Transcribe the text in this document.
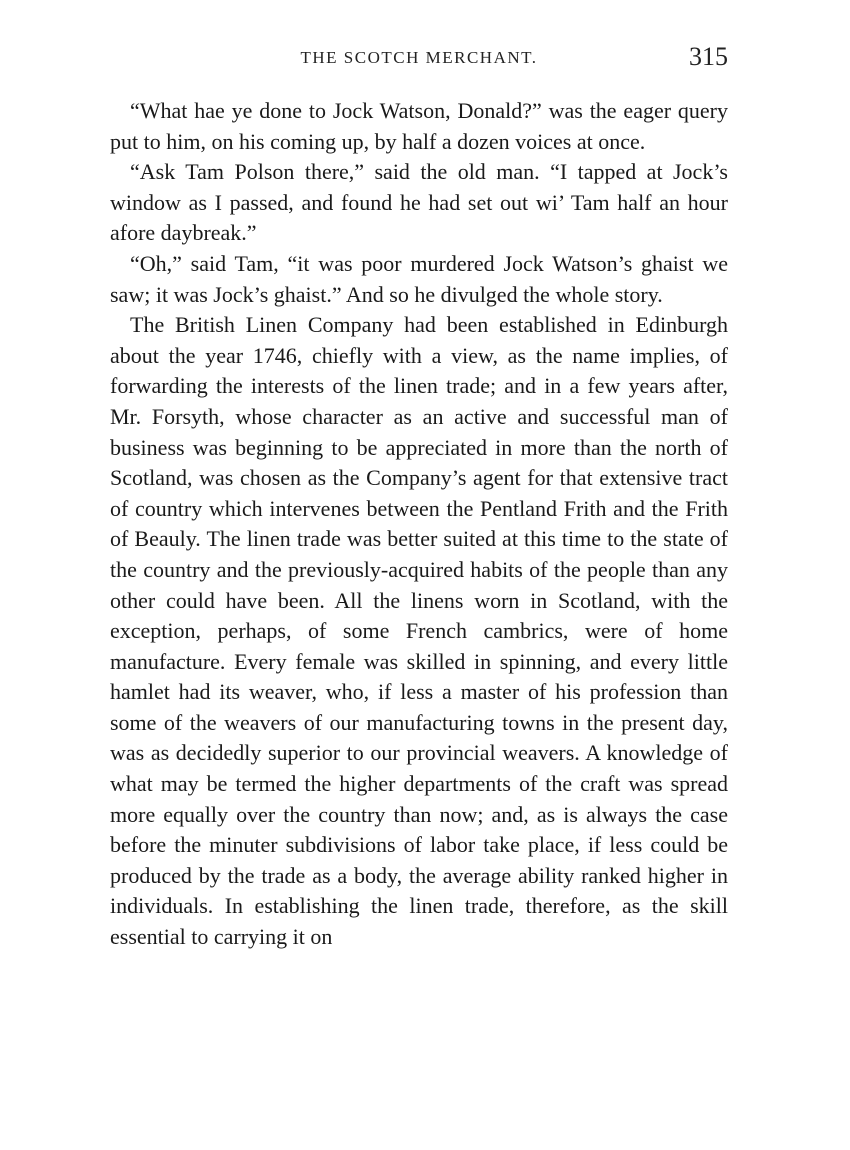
THE SCOTCH MERCHANT.	315

“What hae ye done to Jock Watson, Donald?” was the eager query put to him, on his coming up, by half a dozen voices at once.

“Ask Tam Polson there,” said the old man. “I tapped at Jock’s window as I passed, and found he had set out wi’ Tam half an hour afore daybreak.”

“Oh,” said Tam, “it was poor murdered Jock Watson’s ghaist we saw; it was Jock’s ghaist.” And so he divulged the whole story.

The British Linen Company had been established in Edinburgh about the year 1746, chiefly with a view, as the name implies, of forwarding the interests of the linen trade; and in a few years after, Mr. Forsyth, whose character as an active and successful man of business was beginning to be appreciated in more than the north of Scotland, was chosen as the Company’s agent for that extensive tract of country which intervenes between the Pentland Frith and the Frith of Beauly. The linen trade was better suited at this time to the state of the country and the previously-acquired habits of the people than any other could have been. All the linens worn in Scotland, with the exception, perhaps, of some French cambrics, were of home manufacture. Every female was skilled in spinning, and every little hamlet had its weaver, who, if less a master of his profession than some of the weavers of our manufacturing towns in the present day, was as decidedly superior to our provincial weavers. A knowledge of what may be termed the higher departments of the craft was spread more equally over the country than now; and, as is always the case before the minuter subdivisions of labor take place, if less could be produced by the trade as a body, the average ability ranked higher in individuals. In establishing the linen trade, therefore, as the skill essential to carrying it on
